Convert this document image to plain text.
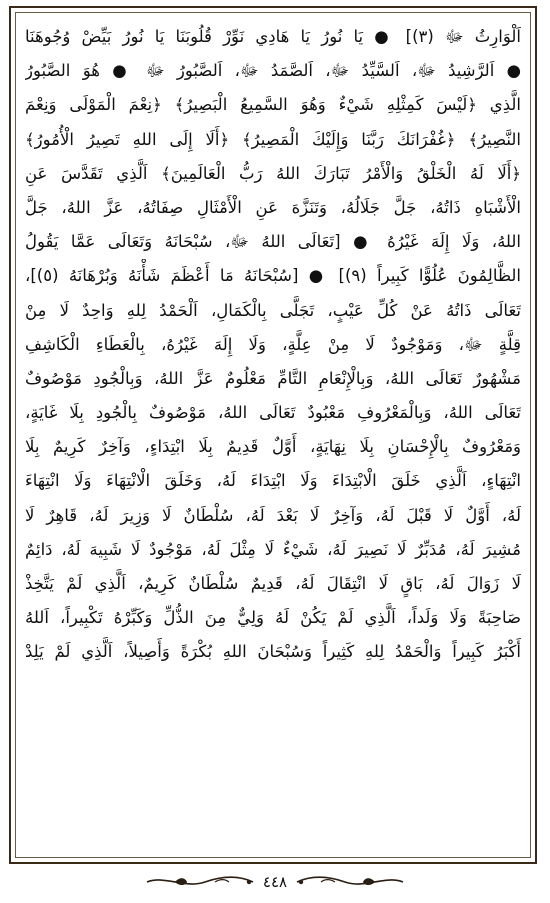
اَلْوَارِثُ ﷻ (٣)] ● يَا نُورُ يَا هَادِي نَوِّرْ قُلُوبَنَا يَا نُورُ بَيِّضْ وُجُوهَنَا
● اَلرَّشِيدُ ﷻ، اَلسَّيِّدُ ﷻ، اَلصَّمَدُ ﷻ، اَلصَّبُورُ ﷻ ● هُوَ الصَّبُورُ
الَّذِي ﴿لَيْسَ كَمِثْلِهِ شَيْءٌ وَهُوَ السَّمِيعُ الْبَصِيرُ﴾ ﴿نِعْمَ الْمَوْلَى وَنِعْمَ
النَّصِيرُ﴾ ﴿غُفْرَانَكَ رَبَّنَا وَإِلَيْكَ الْمَصِيرُ﴾ ﴿أَلَا إِلَى اللهِ تَصِيرُ الْأُمُورُ﴾
﴿أَلَا لَهُ الْخَلْقُ وَالْأَمْرُ تَبَارَكَ اللهُ رَبُّ الْعَالَمِينَ﴾ اَلَّذِي تَقَدَّسَ عَنِ
الْأَشْبَاهِ ذَاتُهُ، جَلَّ جَلَالُهُ، وَتَنَزَّهَ عَنِ الْأَمْثَالِ صِفَاتُهُ، عَزَّ اللهُ، جَلَّ
اللهُ، وَلَا إِلَهَ غَيْرُهُ ● [تَعَالَى اللهُ ﷻ، سُبْحَانَهُ وَتَعَالَى عَمَّا يَقُولُ
الظَّالِمُونَ عُلُوًّا كَبِيراً (٩)] ● [سُبْحَانَهُ مَا أَعْظَمَ شَأْنَهُ وَبُرْهَانَهُ (٥)]،
تَعَالَى ذَاتُهُ عَنْ كُلِّ عَيْبٍ، تَجَلَّى بِالْكَمَالِ، اَلْحَمْدُ لِلهِ وَاحِدٌ لَا مِنْ
قِلَّةٍ ﷻ، وَمَوْجُودٌ لَا مِنْ عِلَّةٍ، وَلَا إِلَهَ غَيْرُهُ، بِالْعَطَاءِ الْكَاشِفِ
مَشْهُورٌ تَعَالَى اللهُ، وَبِالْإِنْعَامِ التَّامِّ مَعْلُومٌ عَزَّ اللهُ، وَبِالْجُودِ مَوْصُوفٌ
تَعَالَى اللهُ، وَبِالْمَعْرُوفِ مَعْبُودٌ تَعَالَى اللهُ، مَوْصُوفٌ بِالْجُودِ بِلَا غَايَةٍ،
وَمَعْرُوفٌ بِالْإِحْسَانِ بِلَا نِهَايَةٍ، أَوَّلٌ قَدِيمٌ بِلَا ابْتِدَاءٍ، وَآخِرٌ كَرِيمٌ بِلَا
انْتِهَاءٍ، اَلَّذِي خَلَقَ الْابْتِدَاءَ وَلَا ابْتِدَاءَ لَهُ، وَخَلَقَ الْانْتِهَاءَ وَلَا انْتِهَاءَ
لَهُ، أَوَّلٌ لَا قَبْلَ لَهُ، وَآخِرٌ لَا بَعْدَ لَهُ، سُلْطَانٌ لَا وَزِيرَ لَهُ، قَاهِرٌ لَا
مُشِيرَ لَهُ، مُدَبِّرٌ لَا نَصِيرَ لَهُ، شَيْءٌ لَا مِثْلَ لَهُ، مَوْجُودٌ لَا شَبِيهَ لَهُ، دَائِمٌ
لَا زَوَالَ لَهُ، بَاقٍ لَا انْتِقَالَ لَهُ، قَدِيمٌ سُلْطَانٌ كَرِيمٌ، اَلَّذِي لَمْ يَتَّخِذْ
صَاحِبَةً وَلَا وَلَداً، اَلَّذِي لَمْ يَكُنْ لَهُ وَلِيٌّ مِنَ الذُّلِّ وَكَبِّرْهُ تَكْبِيراً، اَللهُ
أَكْبَرُ كَبِيراً وَالْحَمْدُ لِلهِ كَثِيراً وَسُبْحَانَ اللهِ بُكْرَةً وَأَصِيلاً، اَلَّذِي لَمْ يَلِدْ
٤٤٨
